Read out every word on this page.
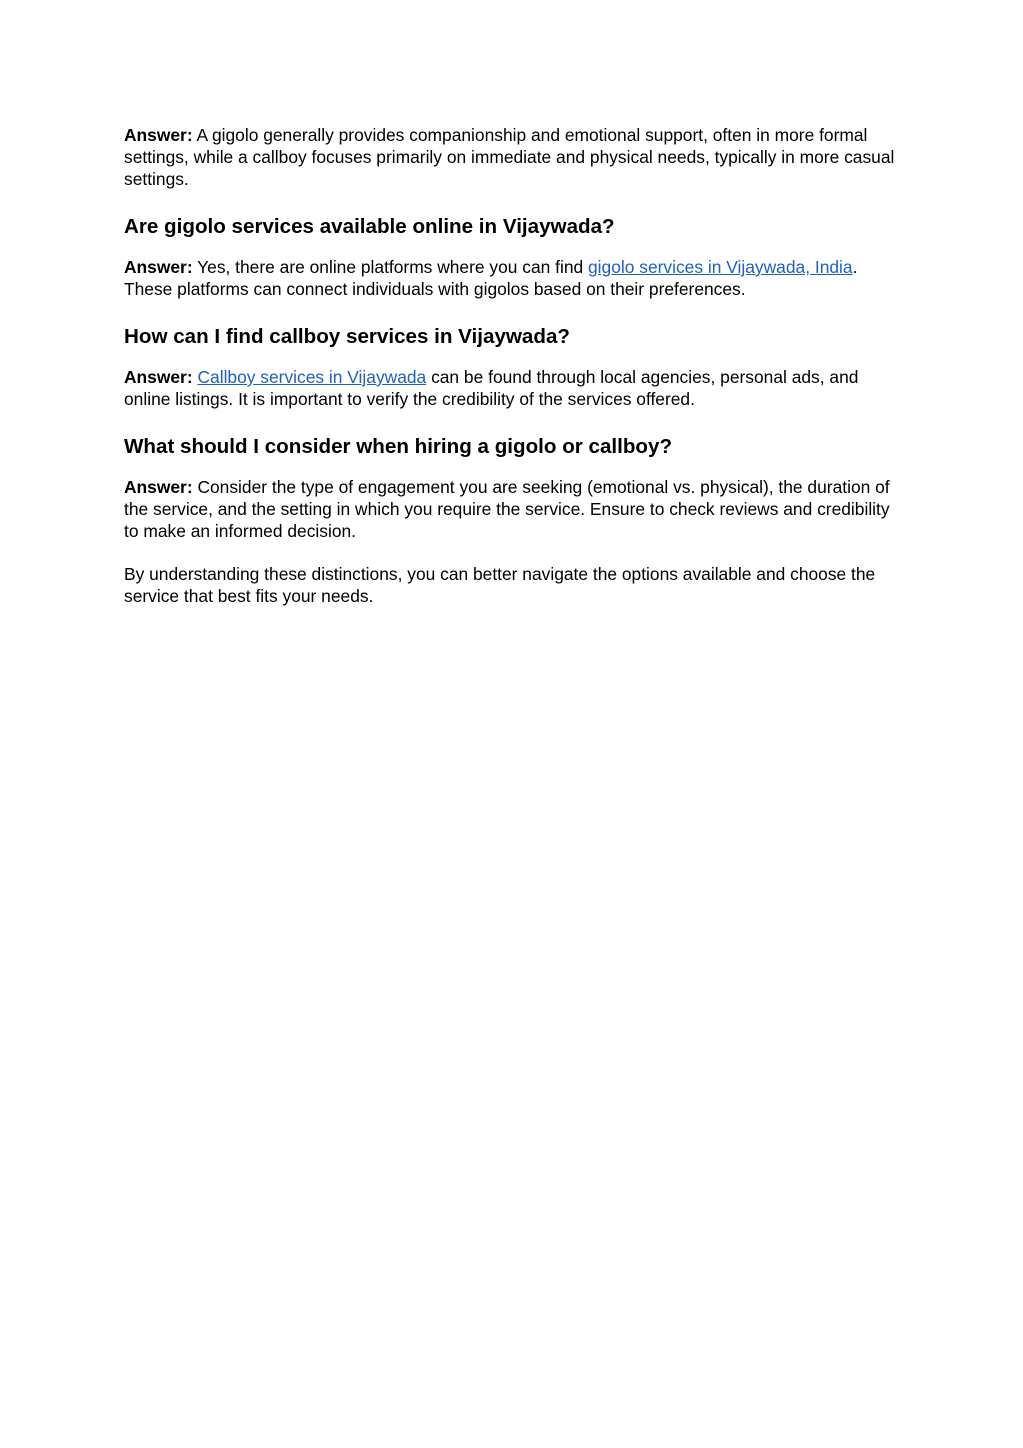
Answer: A gigolo generally provides companionship and emotional support, often in more formal settings, while a callboy focuses primarily on immediate and physical needs, typically in more casual settings.

Are gigolo services available online in Vijaywada?

Answer: Yes, there are online platforms where you can find gigolo services in Vijaywada, India. These platforms can connect individuals with gigolos based on their preferences.

How can I find callboy services in Vijaywada?

Answer: Callboy services in Vijaywada can be found through local agencies, personal ads, and online listings. It is important to verify the credibility of the services offered.

What should I consider when hiring a gigolo or callboy?

Answer: Consider the type of engagement you are seeking (emotional vs. physical), the duration of the service, and the setting in which you require the service. Ensure to check reviews and credibility to make an informed decision.

By understanding these distinctions, you can better navigate the options available and choose the service that best fits your needs.
